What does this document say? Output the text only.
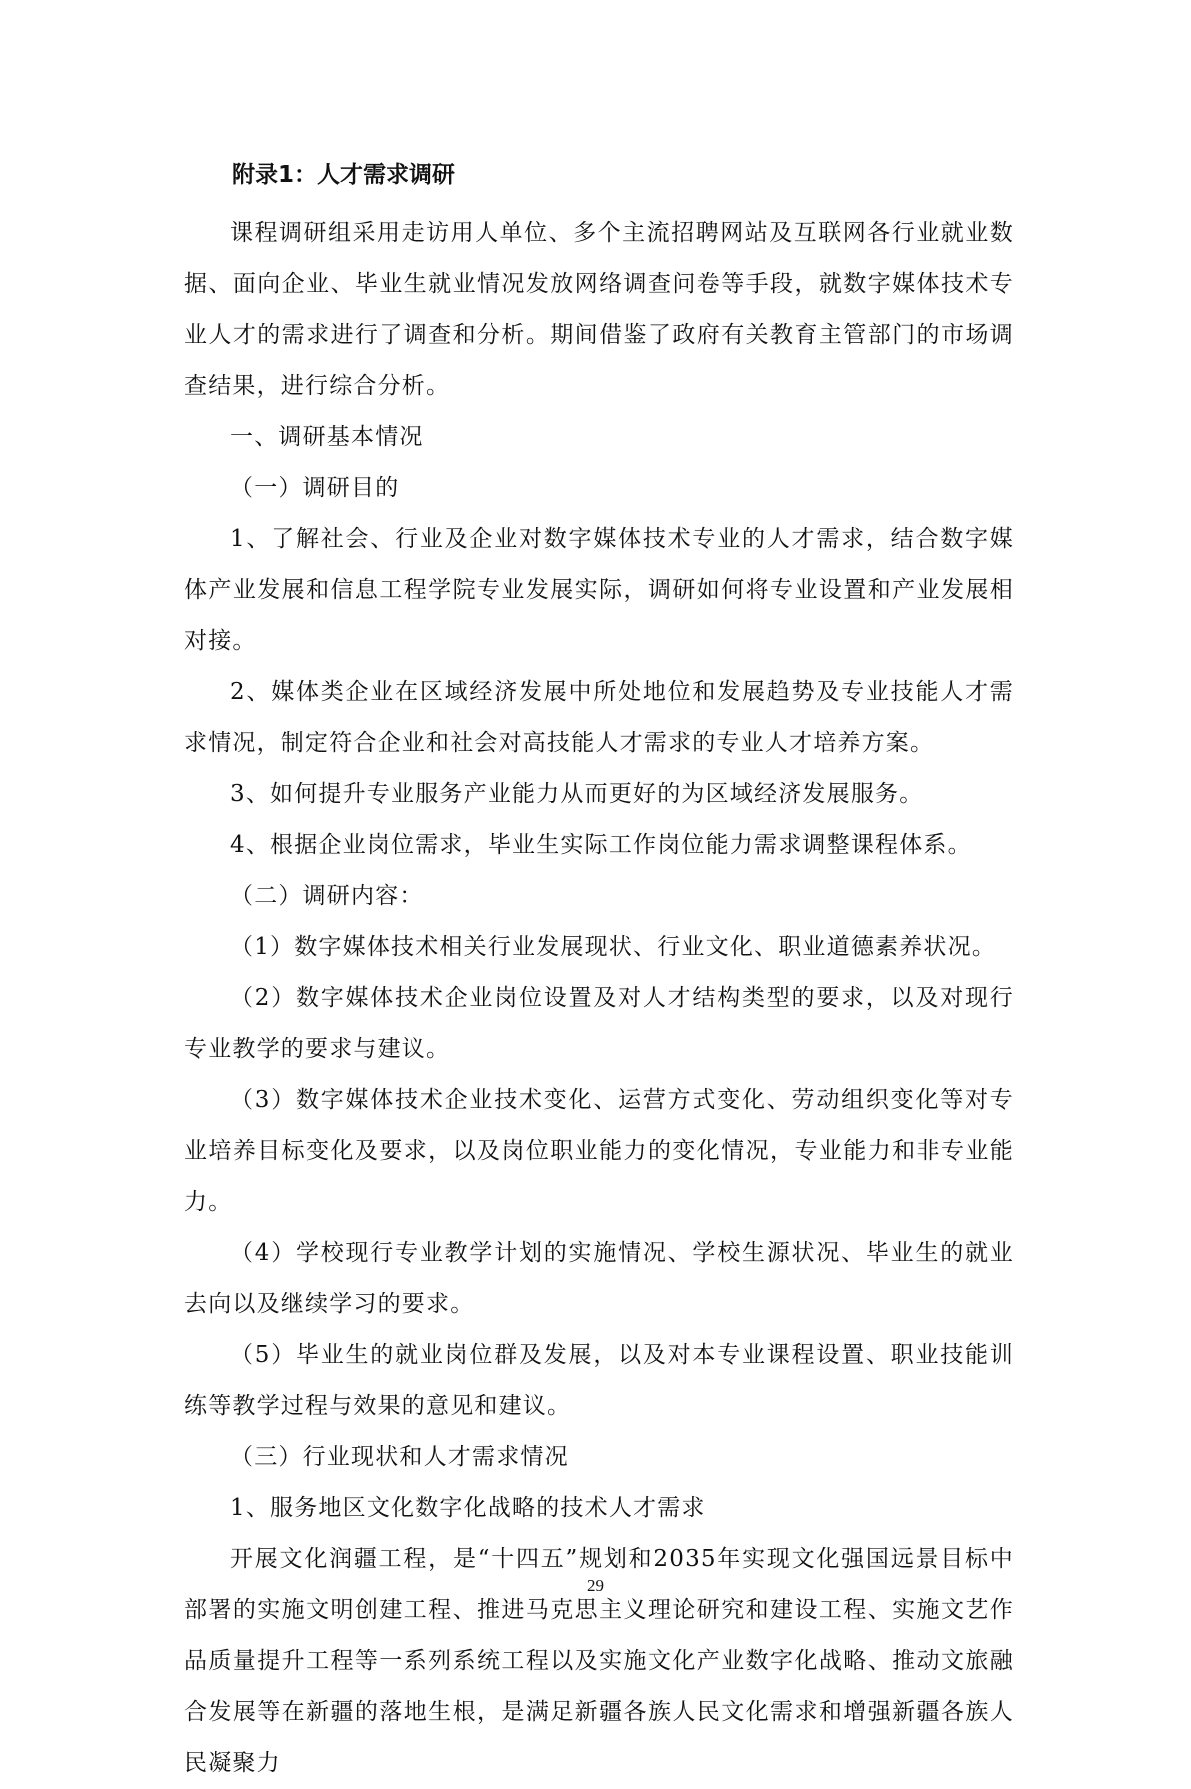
附录1：人才需求调研

课程调研组采用走访用人单位、多个主流招聘网站及互联网各行业就业数据、面向企业、毕业生就业情况发放网络调查问卷等手段，就数字媒体技术专业人才的需求进行了调查和分析。期间借鉴了政府有关教育主管部门的市场调查结果，进行综合分析。

一、调研基本情况

（一）调研目的

1、了解社会、行业及企业对数字媒体技术专业的人才需求，结合数字媒体产业发展和信息工程学院专业发展实际，调研如何将专业设置和产业发展相对接。

2、媒体类企业在区域经济发展中所处地位和发展趋势及专业技能人才需求情况，制定符合企业和社会对高技能人才需求的专业人才培养方案。

3、如何提升专业服务产业能力从而更好的为区域经济发展服务。

4、根据企业岗位需求，毕业生实际工作岗位能力需求调整课程体系。

（二）调研内容：

（1）数字媒体技术相关行业发展现状、行业文化、职业道德素养状况。

（2）数字媒体技术企业岗位设置及对人才结构类型的要求，以及对现行专业教学的要求与建议。

（3）数字媒体技术企业技术变化、运营方式变化、劳动组织变化等对专业培养目标变化及要求，以及岗位职业能力的变化情况，专业能力和非专业能力。

（4）学校现行专业教学计划的实施情况、学校生源状况、毕业生的就业去向以及继续学习的要求。

（5）毕业生的就业岗位群及发展，以及对本专业课程设置、职业技能训练等教学过程与效果的意见和建议。

（三）行业现状和人才需求情况

1、服务地区文化数字化战略的技术人才需求

开展文化润疆工程，是“十四五”规划和2035年实现文化强国远景目标中部署的实施文明创建工程、推进马克思主义理论研究和建设工程、实施文艺作品质量提升工程等一系列系统工程以及实施文化产业数字化战略、推动文旅融合发展等在新疆的落地生根，是满足新疆各族人民文化需求和增强新疆各族人民凝聚力

29
